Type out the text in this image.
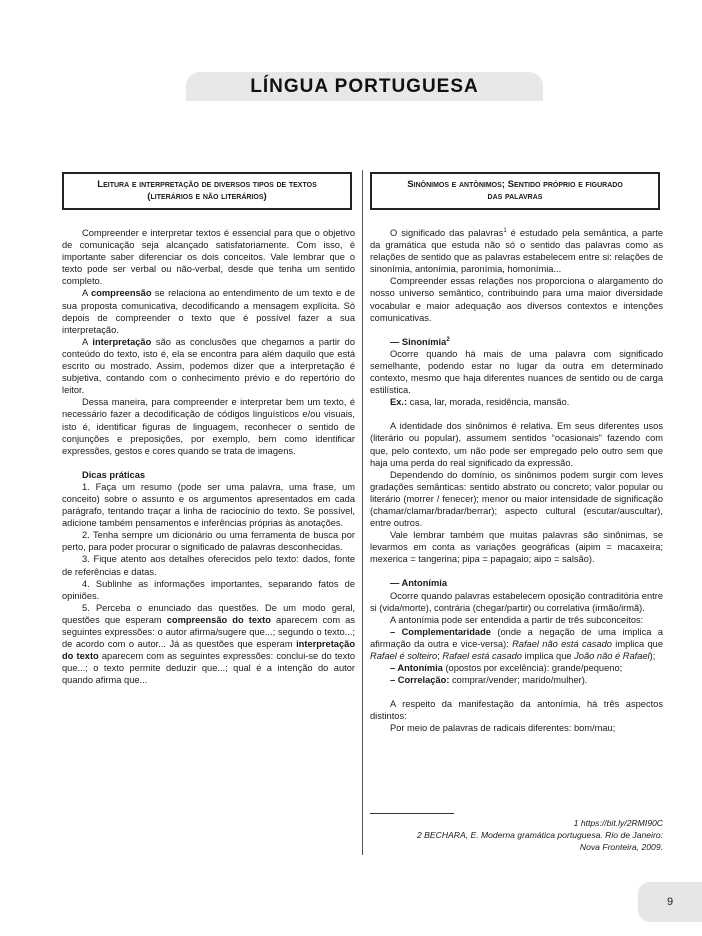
LÍNGUA PORTUGUESA
Leitura e interpretação de diversos tipos de textos
(literários e não literários)
Sinônimos e antônimos; Sentido próprio e figurado
das palavras

Compreender e interpretar textos é essencial para que o objetivo de comunicação seja alcançado satisfatoriamente. Com isso, é importante saber diferenciar os dois conceitos. Vale lembrar que o texto pode ser verbal ou não-verbal, desde que tenha um sentido completo.

A compreensão se relaciona ao entendimento de um texto e de sua proposta comunicativa, decodificando a mensagem explícita. Só depois de compreender o texto que é possível fazer a sua interpretação.

A interpretação são as conclusões que chegamos a partir do conteúdo do texto, isto é, ela se encontra para além daquilo que está escrito ou mostrado. Assim, podemos dizer que a interpretação é subjetiva, contando com o conhecimento prévio e do repertório do leitor.

Dessa maneira, para compreender e interpretar bem um texto, é necessário fazer a decodificação de códigos linguísticos e/ou visuais, isto é, identificar figuras de linguagem, reconhecer o sentido de conjunções e preposições, por exemplo, bem como identificar expressões, gestos e cores quando se trata de imagens.

Dicas práticas

1. Faça um resumo (pode ser uma palavra, uma frase, um conceito) sobre o assunto e os argumentos apresentados em cada parágrafo, tentando traçar a linha de raciocínio do texto. Se possível, adicione também pensamentos e inferências próprias às anotações.

2. Tenha sempre um dicionário ou uma ferramenta de busca por perto, para poder procurar o significado de palavras desconhecidas.

3. Fique atento aos detalhes oferecidos pelo texto: dados, fonte de referências e datas.

4. Sublinhe as informações importantes, separando fatos de opiniões.

5. Perceba o enunciado das questões. De um modo geral, questões que esperam compreensão do texto aparecem com as seguintes expressões: o autor afirma/sugere que...; segundo o texto...; de acordo com o autor... Já as questões que esperam interpretação do texto aparecem com as seguintes expressões: conclui-se do texto que...; o texto permite deduzir que...; qual é a intenção do autor quando afirma que...

O significado das palavras$^1$ é estudado pela semântica, a parte da gramática que estuda não só o sentido das palavras como as relações de sentido que as palavras estabelecem entre si: relações de sinonímia, antonímia, paronímia, homonímia...

Compreender essas relações nos proporciona o alargamento do nosso universo semântico, contribuindo para uma maior diversidade vocabular e maior adequação aos diversos contextos e intenções comunicativas.

— Sinonímia$^2$

Ocorre quando há mais de uma palavra com significado semelhante, podendo estar no lugar da outra em determinado contexto, mesmo que haja diferentes nuances de sentido ou de carga estilística.

Ex.: casa, lar, morada, residência, mansão.

A identidade dos sinônimos é relativa. Em seus diferentes usos (literário ou popular), assumem sentidos “ocasionais” fazendo com que, pelo contexto, um não pode ser empregado pelo outro sem que haja uma perda do real significado da expressão.

Dependendo do domínio, os sinônimos podem surgir com leves gradações semânticas: sentido abstrato ou concreto; valor popular ou literário (morrer / fenecer); menor ou maior intensidade de significação (chamar/clamar/bradar/berrar); aspecto cultural (escutar/auscultar), entre outros.

Vale lembrar também que muitas palavras são sinônimas, se levarmos em conta as variações geográficas (aipim = macaxeira; mexerica = tangerina; pipa = papagaio; aipo = salsão).

— Antonímia

Ocorre quando palavras estabelecem oposição contraditória entre si (vida/morte), contrária (chegar/partir) ou correlativa (irmão/irmã).

A antonímia pode ser entendida a partir de três subconceitos:

– Complementaridade (onde a negação de uma implica a afirmação da outra e vice-versa): Rafael não está casado implica que Rafael é solteiro; Rafael está casado implica que João não é Rafael);

– Antonímia (opostos por excelência): grande/pequeno;

– Correlação: comprar/vender; marido/mulher).

A respeito da manifestação da antonímia, há três aspectos distintos:

Por meio de palavras de radicais diferentes: bom/mau;

1 https://bit.ly/2RMI90C
2 BECHARA, E. Moderna gramática portuguesa. Rio de Janeiro:
Nova Fronteira, 2009.
9
